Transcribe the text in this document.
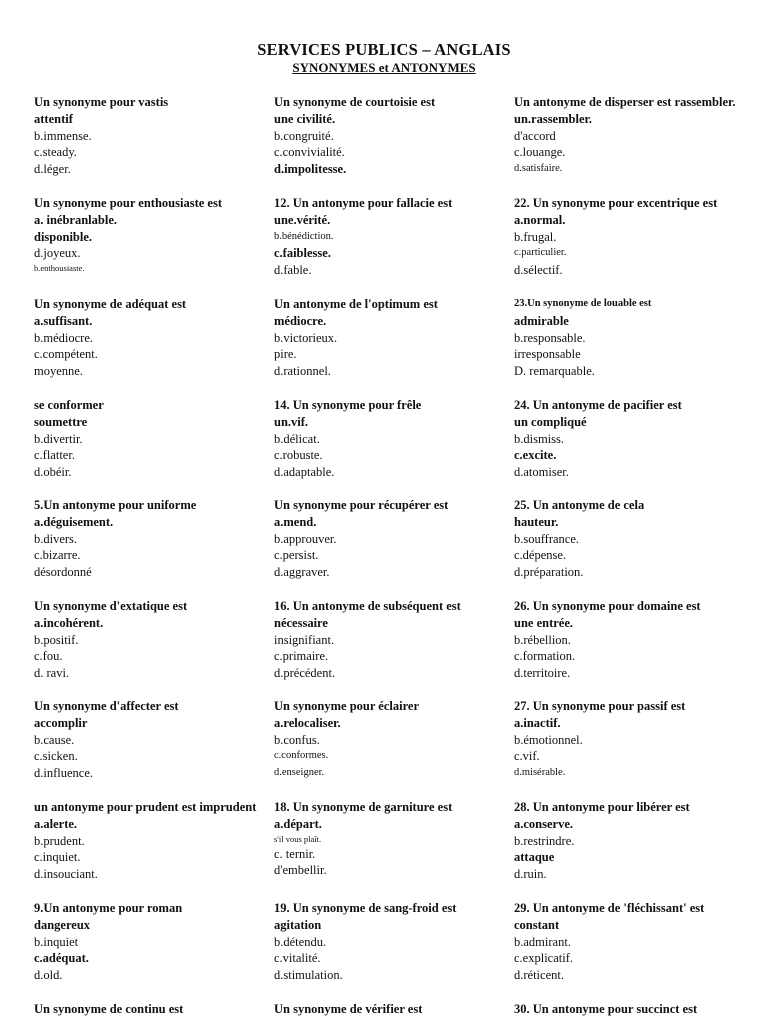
SERVICES PUBLICS – ANGLAIS
SYNONYMES et ANTONYMES
Un synonyme pour vastis
attentif
b.immense.
c.steady.
d.léger.
Un synonyme pour enthousiaste est
a. inébranlable.
disponible.
d.joyeux.
b.enthousiaste.
Un synonyme de adéquat est
a.suffisant.
b.médiocre.
c.compétent.
moyenne.
se conformer
soumettre
b.divertir.
c.flatter.
d.obéir.
5.Un antonyme pour uniforme
a.déguisement.
b.divers.
c.bizarre.
désordonné
Un synonyme d'extatique est
a.incohérent.
b.positif.
c.fou.
d. ravi.
Un synonyme d'affecter est
accomplir
b.cause.
c.sicken.
d.influence.
un antonyme pour prudent est imprudent
a.alerte.
b.prudent.
c.inquiet.
d.insouciant.
9.Un antonyme pour roman
dangereux
b.inquiet
c.adéquat.
d.old.
Un synonyme de continu est
Un synonyme de courtoisie est
une civilité.
b.congruité.
c.convivialité.
d.impolitesse.
12. Un antonyme pour fallacie est
une.vérité.
b.bénédiction.
c.faiblesse.
d.fable.
Un antonyme de l'optimum est
médiocre.
b.victorieux.
pire.
d.rationnel.
14. Un synonyme pour frêle
un.vif.
b.délicat.
c.robuste.
d.adaptable.
Un synonyme pour récupérer est
a.mend.
b.approuver.
c.persist.
d.aggraver.
16. Un antonyme de subséquent est
nécessaire
insignifiant.
c.primaire.
d.précédent.
Un synonyme pour éclairer
a.relocaliser.
b.confus.
c.conformes.
d.enseigner.
18. Un synonyme de garniture est
a.départ.
s'il vous plaît.
c. ternir.
d'embellir.
19. Un synonyme de sang-froid est
agitation
b.détendu.
c.vitalité.
d.stimulation.
Un synonyme de vérifier est
Un antonyme de disperser est rassembler.
un.rassembler.
d'accord
c.louange.
d.satisfaire.
22. Un synonyme pour excentrique est
a.normal.
b.frugal.
c.particulier.
d.sélectif.
23.Un synonyme de louable est
admirable
b.responsable.
irresponsable
D. remarquable.
24. Un antonyme de pacifier est
un compliqué
b.dismiss.
c.excite.
d.atomiser.
25. Un antonyme de cela
hauteur.
b.souffrance.
c.dépense.
d.préparation.
26. Un synonyme pour domaine est
une entrée.
b.rébellion.
c.formation.
d.territoire.
27. Un synonyme pour passif est
a.inactif.
b.émotionnel.
c.vif.
d.misérable.
28. Un antonyme pour libérer est
a.conserve.
b.restrindre.
attaque
d.ruin.
29. Un antonyme de 'fléchissant' est
constant
b.admirant.
c.explicatif.
d.réticent.
30. Un antonyme pour succinct est
